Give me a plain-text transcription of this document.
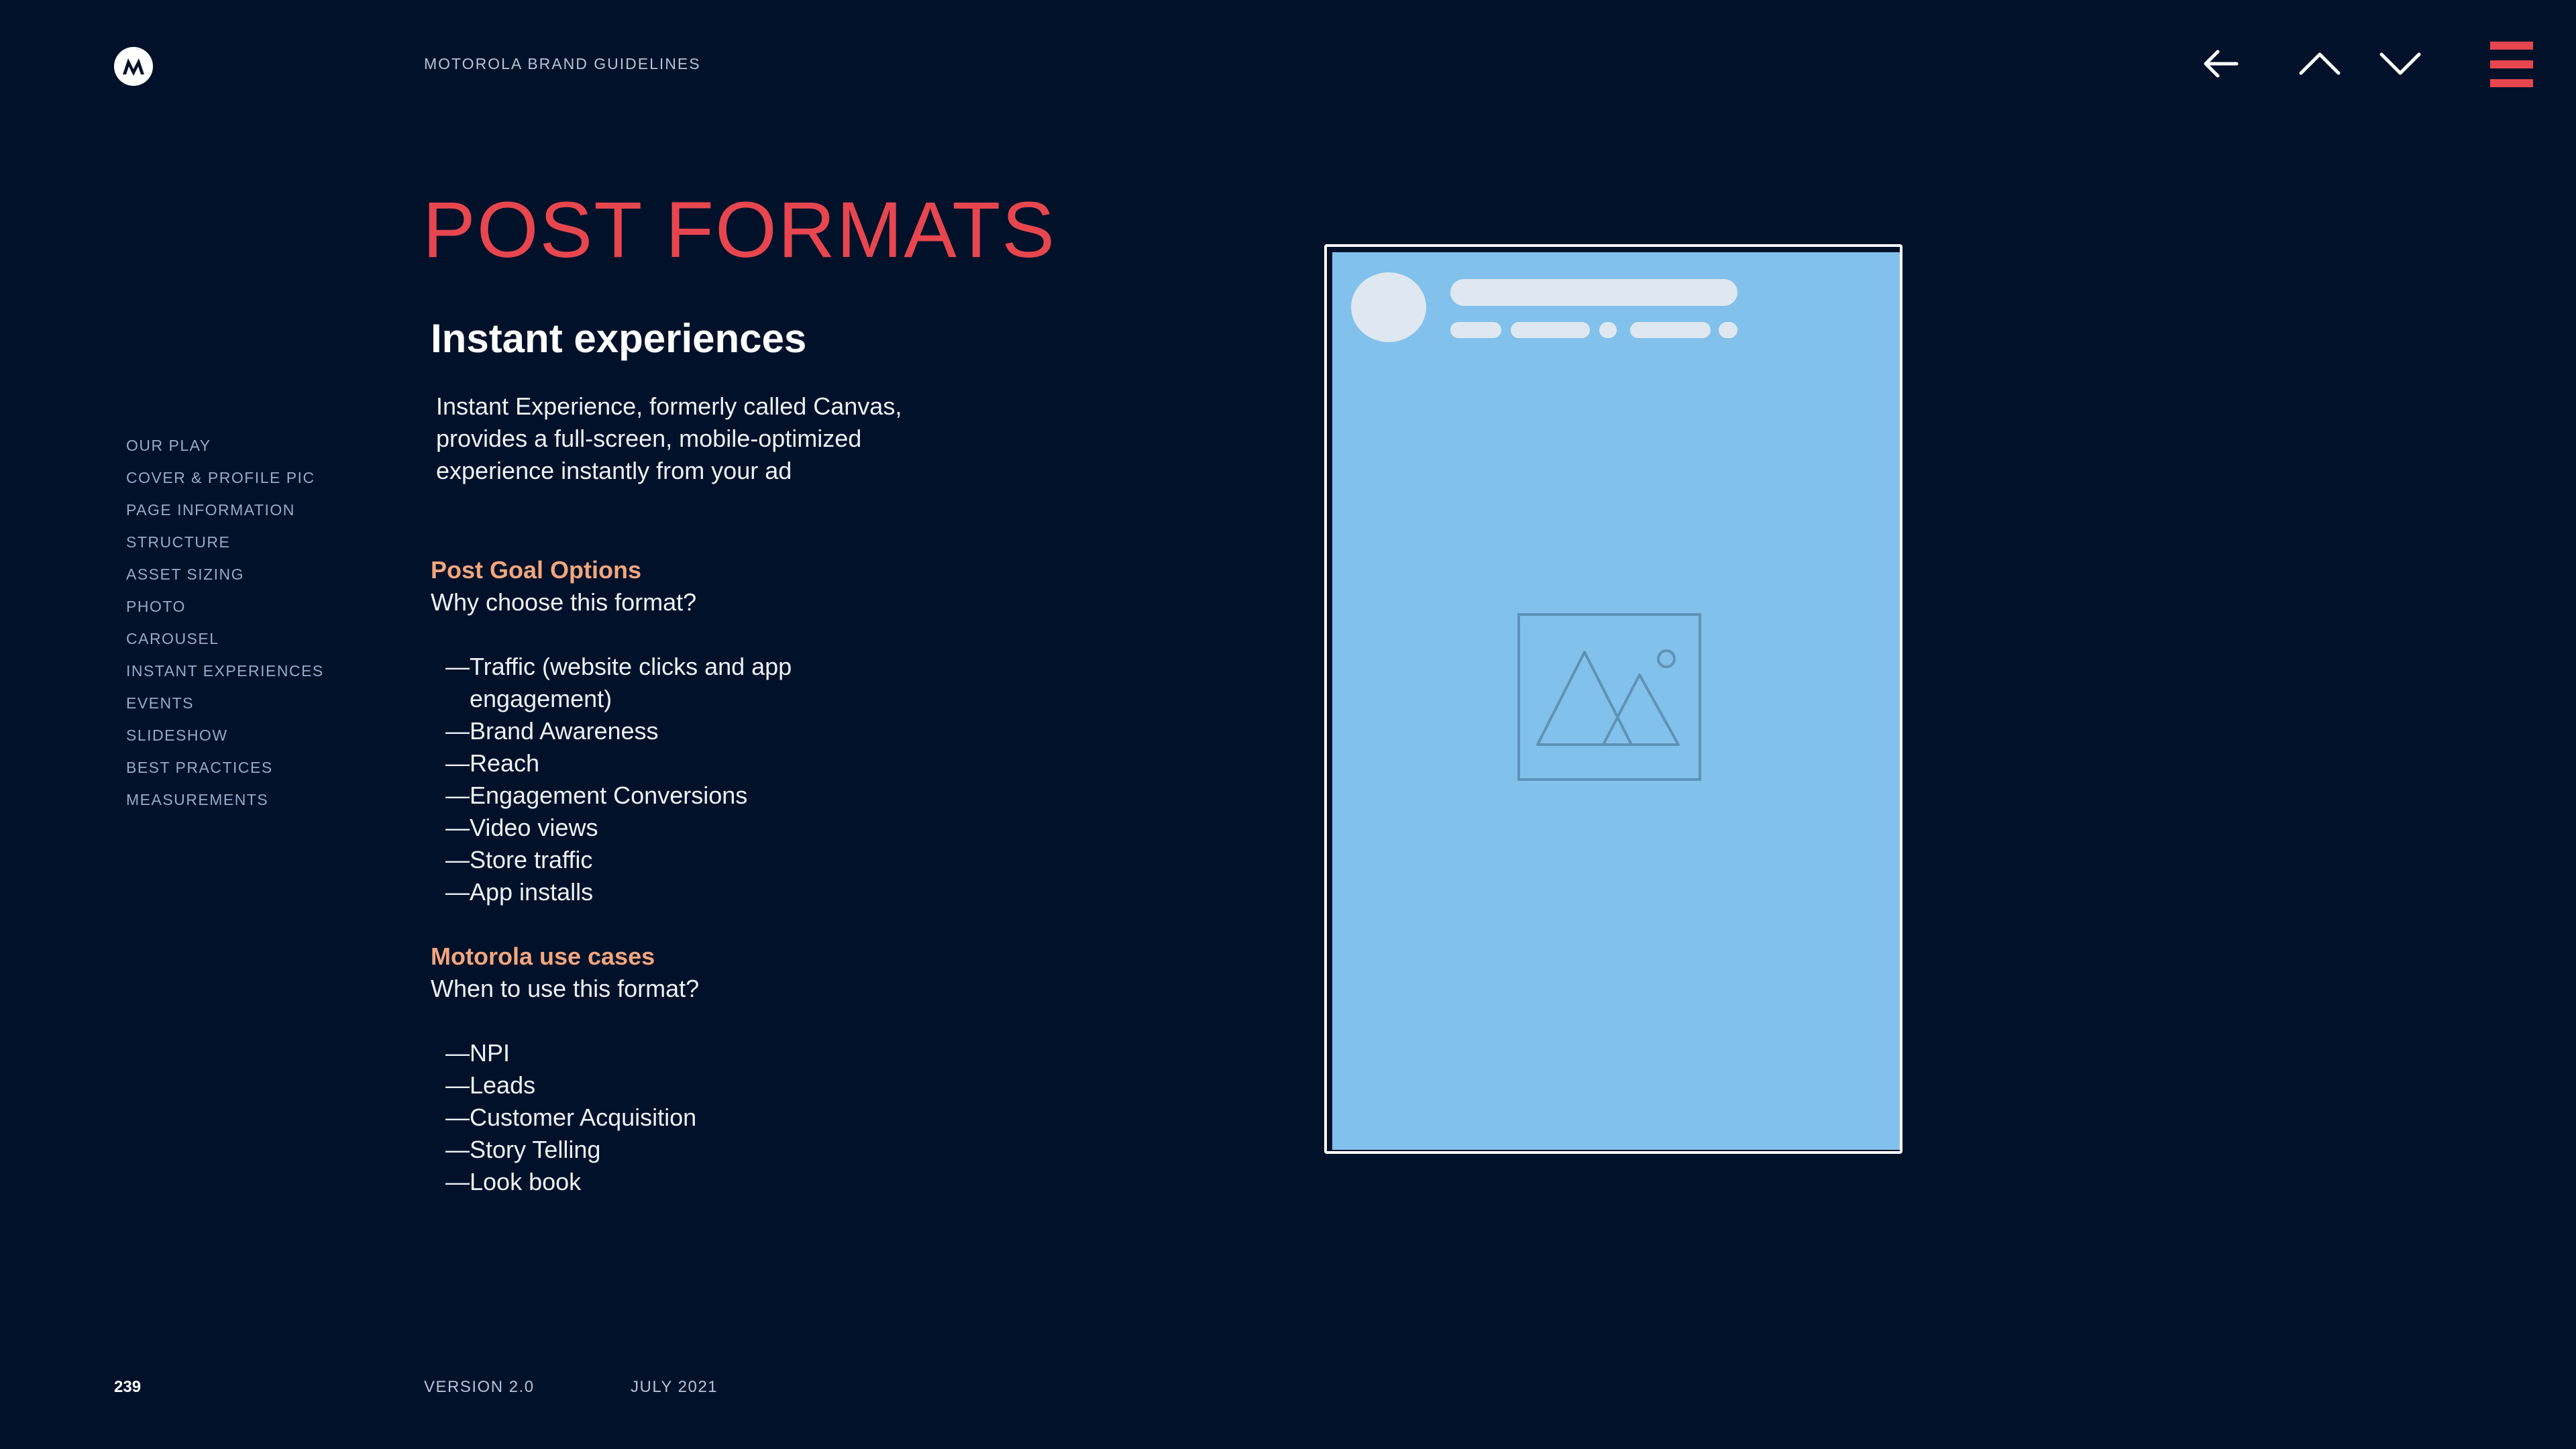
MOTOROLA BRAND GUIDELINES
OUR PLAY
COVER & PROFILE PIC
PAGE INFORMATION
STRUCTURE
ASSET SIZING
PHOTO
CAROUSEL
INSTANT EXPERIENCES
EVENTS
SLIDESHOW
BEST PRACTICES
MEASUREMENTS
POST FORMATS
Instant experiences

Instant Experience, formerly called Canvas,
provides a full-screen, mobile-optimized
experience instantly from your ad

Post Goal Options
Why choose this format?
— Traffic (website clicks and app engagement)
— Brand Awareness
— Reach
— Engagement Conversions
— Video views
— Store traffic
— App installs
Motorola use cases
When to use this format?
— NPI
— Leads
— Customer Acquisition
— Story Telling
— Look book
239	VERSION 2.0	JULY 2021
